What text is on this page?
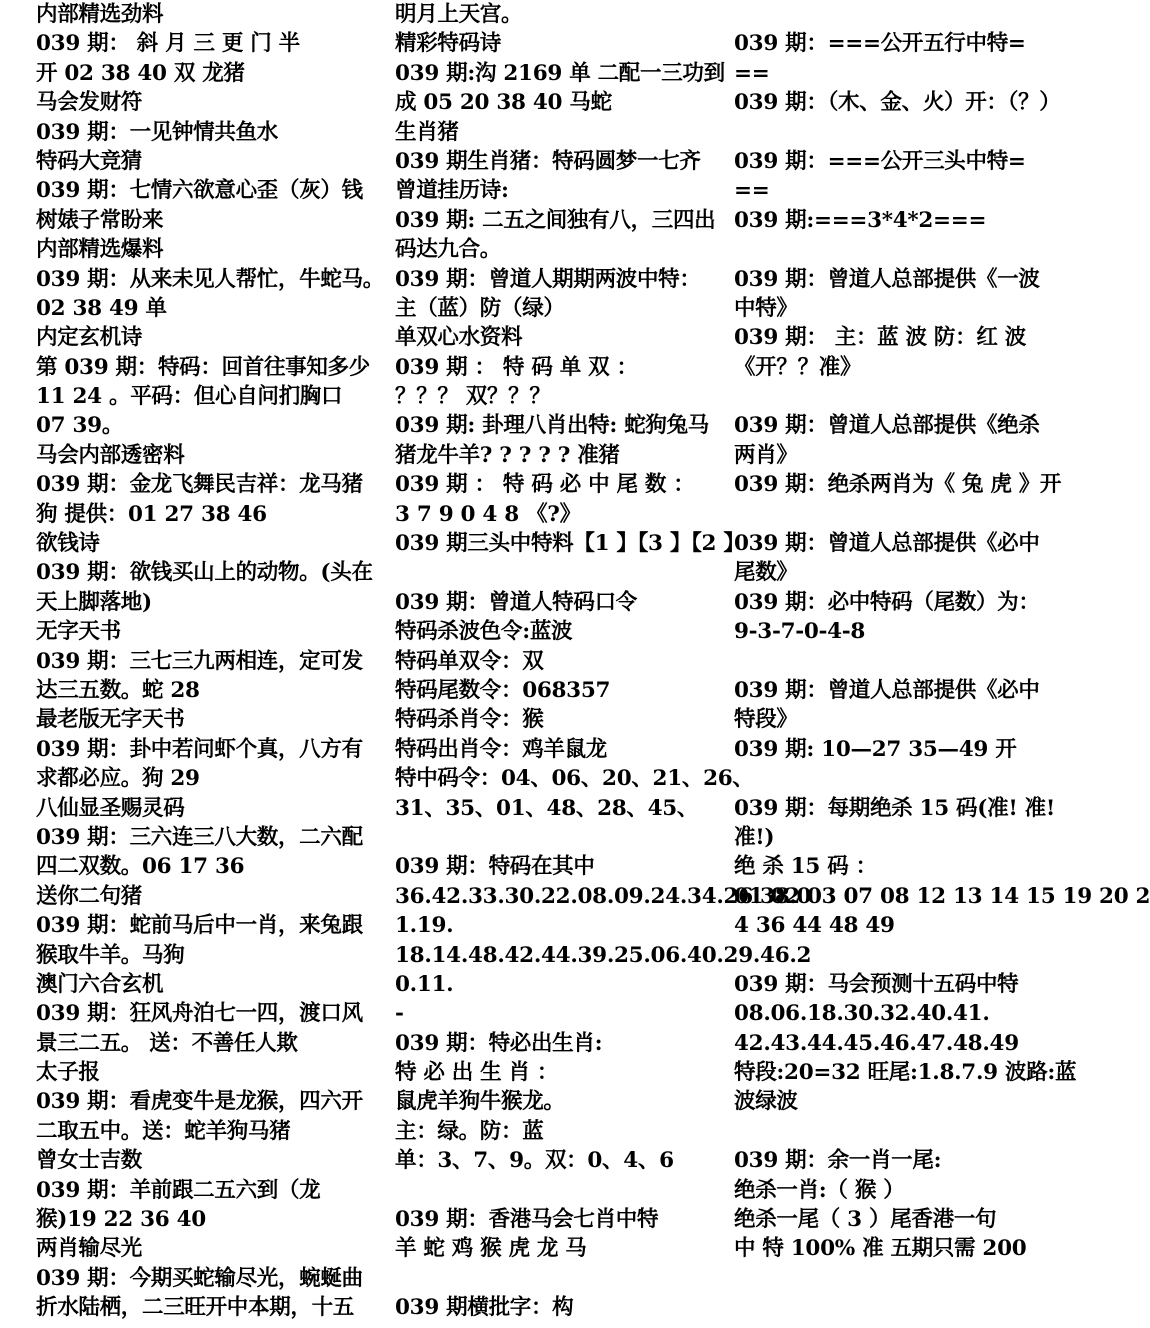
内部精选劲料
039 期： 斜 月 三 更 门 半
开 02 38 40 双 龙猪
马会发财符
039 期：一见钟情共鱼水
特码大竞猜
039 期：七情六欲意心歪（灰）钱
树婊子常盼来
内部精选爆料
039 期：从来未见人帮忙，牛蛇马。
02 38 49 单
内定玄机诗
第 039 期：特码：回首往事知多少
11 24 。平码：但心自问扪胸口
07 39。
马会内部透密料
039 期：金龙飞舞民吉祥：龙马猪
狗 提供：01 27 38 46
欲钱诗
039 期：欲钱买山上的动物。(头在
天上脚落地)
无字天书
039 期：三七三九两相连，定可发
达三五数。蛇 28
最老版无字天书
039 期：卦中若问虾个真，八方有
求都必应。狗 29
八仙显圣赐灵码
039 期：三六连三八大数，二六配
四二双数。06 17 36
送你二句猪
039 期：蛇前马后中一肖，来兔跟
猴取牛羊。马狗
澳门六合玄机
039 期：狂风舟泊七一四，渡口风
景三二五。 送：不善任人欺
太子报
039 期：看虎变牛是龙猴，四六开
二取五中。送：蛇羊狗马猪
曾女士吉数
039 期：羊前跟二五六到（龙
猴)19 22 36 40
两肖输尽光
039 期：今期买蛇输尽光，蜿蜒曲
折水陆栖，二三旺开中本期，十五
明月上天宫。
精彩特码诗
039 期:沟 2169 单 二配一三功到
成 05 20 38 40 马蛇
生肖猪
039 期生肖猪：特码圆梦一七齐
曾道挂历诗:
039 期: 二五之间独有八，三四出
码达九合。
039 期：曾道人期期两波中特：
主（蓝）防（绿）
单双心水资料
039 期 ： 特 码 单 双 ：
？？？ 双？？？
039 期: 卦理八肖出特: 蛇狗兔马
猪龙牛羊? ? ? ? ? 准猪
039 期 ： 特 码 必 中 尾 数 ：
3 7 9 0 4 8 《?》
039 期三头中特料【1 】【3 】【2 】
039 期：曾道人特码口令
特码杀波色令:蓝波
特码单双令：双
特码尾数令：068357
特码杀肖令：猴
特码出肖令：鸡羊鼠龙
特中码令：04、06、20、21、26、
31、35、01、48、28、45、
039 期：特码在其中
36.42.33.30.22.08.09.24.34.26.38.0
1.19.
18.14.48.42.44.39.25.06.40.29.46.2
0.11.
-
039 期：特必出生肖:
特 必 出 生 肖 ：
鼠虎羊狗牛猴龙。
主：绿。防：蓝
单：3、7、9。双：0、4、6
039 期：香港马会七肖中特
羊 蛇 鸡 猴 虎 龙 马
039 期横批字：构
039 期：===公开五行中特=
==
039 期：（木、金、火）开：（？）
039 期：===公开三头中特=
==
039 期:===3*4*2===
039 期：曾道人总部提供《一波
中特》
039 期： 主：蓝 波 防：红 波
《开？？准》
039 期：曾道人总部提供《绝杀
两肖》
039 期：绝杀两肖为《 兔 虎 》开
039 期：曾道人总部提供《必中
尾数》
039 期：必中特码（尾数）为：
9-3-7-0-4-8
039 期：曾道人总部提供《必中
特段》
039 期: 10—27 35—49 开
039 期：每期绝杀 15 码(准! 准!
准!)
绝 杀 15 码 ：
01 02 03 07 08 12 13 14 15 19 20 2
4 36 44 48 49
039 期：马会预测十五码中特
08.06.18.30.32.40.41.
42.43.44.45.46.47.48.49
特段:20=32 旺尾:1.8.7.9 波路:蓝
波绿波
039 期：余一肖一尾:
绝杀一肖:（ 猴 ）
绝杀一尾（ 3 ）尾香港一句
中 特 100% 准 五期只需 200
